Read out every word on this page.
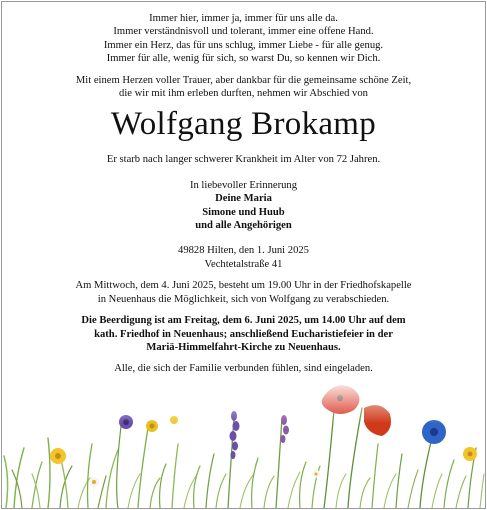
Immer hier, immer ja, immer für uns alle da.

Immer verständnisvoll und tolerant, immer eine offene Hand.

Immer ein Herz, das für uns schlug, immer Liebe - für alle genug.

Immer für alle, wenig für sich, so warst Du, so kennen wir Dich.

Mit einem Herzen voller Trauer, aber dankbar für die gemeinsame schöne Zeit,

die wir mit ihm erleben durften, nehmen wir Abschied von

Wolfgang Brokamp

Er starb nach langer schwerer Krankheit im Alter von 72 Jahren.

In liebevoller Erinnerung

Deine Maria

Simone und Huub

und alle Angehörigen

49828 Hilten, den 1. Juni 2025

Vechtetalstraße 41

Am Mittwoch, dem 4. Juni 2025, besteht um 19.00 Uhr in der Friedhofskapelle

in Neuenhaus die Möglichkeit, sich von Wolfgang zu verabschieden.

Die Beerdigung ist am Freitag, dem 6. Juni 2025, um 14.00 Uhr auf dem

kath. Friedhof in Neuenhaus; anschließend Eucharistiefeier in der

Mariä-Himmelfahrt-Kirche zu Neuenhaus.

Alle, die sich der Familie verbunden fühlen, sind eingeladen.
